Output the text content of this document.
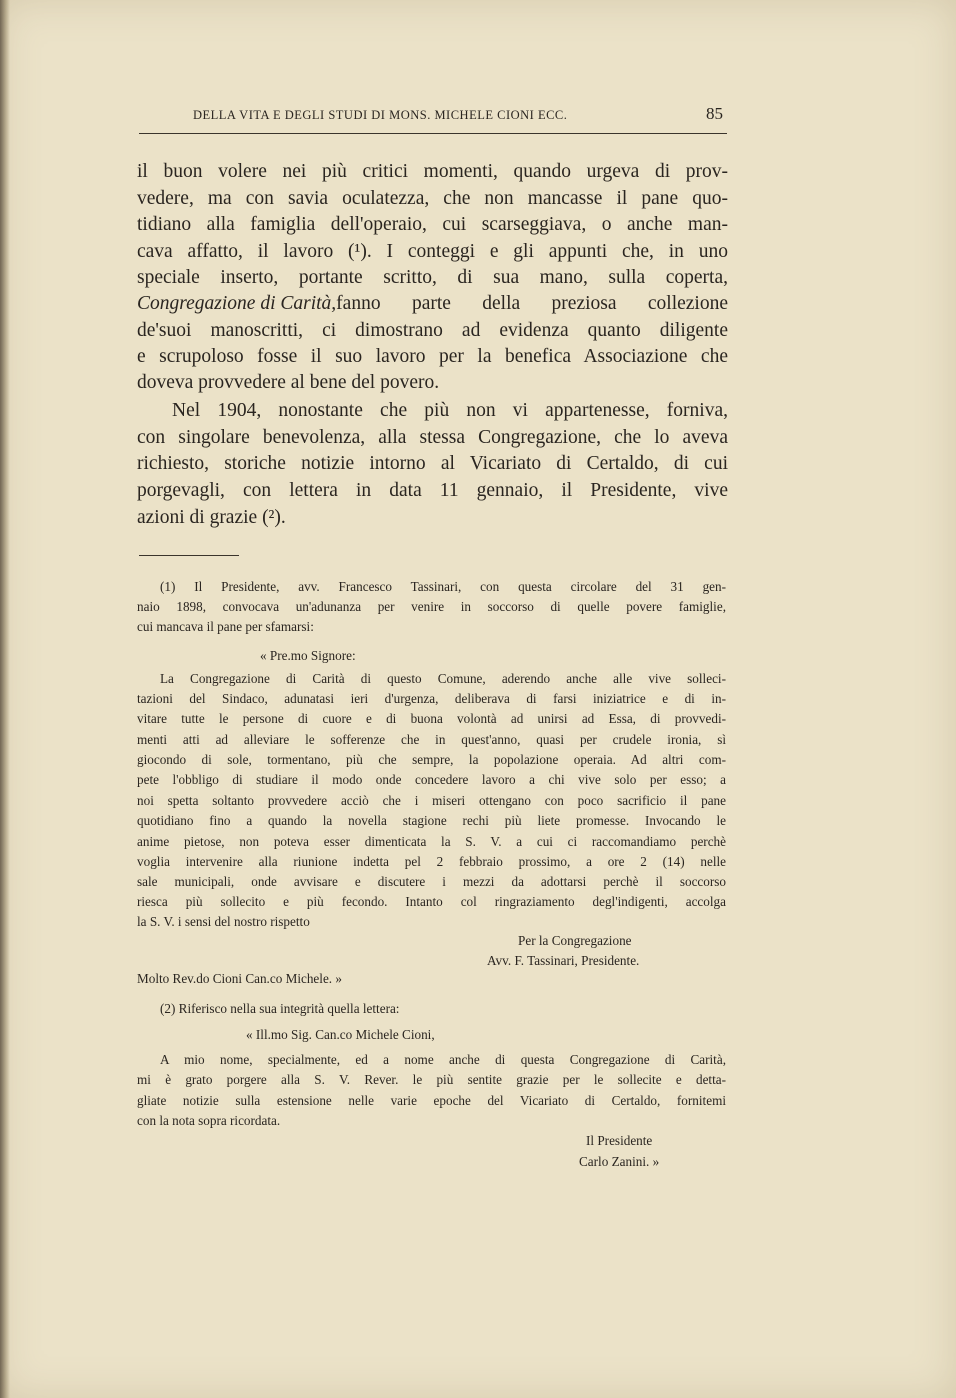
DELLA VITA E DEGLI STUDI DI MONS. MICHELE CIONI ECC.	85
il buon volere nei più critici momenti, quando urgeva di prov-
vedere, ma con savia oculatezza, che non mancasse il pane quo-
tidiano alla famiglia dell'operaio, cui scarseggiava, o anche man-
cava affatto, il lavoro (¹). I conteggi e gli appunti che, in uno
speciale inserto, portante scritto, di sua mano, sulla coperta,
Congregazione di Carità, fanno parte della preziosa collezione
de'suoi manoscritti, ci dimostrano ad evidenza quanto diligente
e scrupoloso fosse il suo lavoro per la benefica Associazione che
doveva provvedere al bene del povero.
Nel 1904, nonostante che più non vi appartenesse, forniva,
con singolare benevolenza, alla stessa Congregazione, che lo aveva
richiesto, storiche notizie intorno al Vicariato di Certaldo, di cui
porgevagli, con lettera in data 11 gennaio, il Presidente, vive
azioni di grazie (²).
(1) Il Presidente, avv. Francesco Tassinari, con questa circolare del 31 gen-
naio 1898, convocava un'adunanza per venire in soccorso di quelle povere famiglie,
cui mancava il pane per sfamarsi:
« Pre.mo Signore:
La Congregazione di Carità di questo Comune, aderendo anche alle vive solleci-
tazioni del Sindaco, adunatasi ieri d'urgenza, deliberava di farsi iniziatrice e di in-
vitare tutte le persone di cuore e di buona volontà ad unirsi ad Essa, di provvedi-
menti atti ad alleviare le sofferenze che in quest'anno, quasi per crudele ironia, sì
giocondo di sole, tormentano, più che sempre, la popolazione operaia. Ad altri com-
pete l'obbligo di studiare il modo onde concedere lavoro a chi vive solo per esso; a
noi spetta soltanto provvedere acciò che i miseri ottengano con poco sacrificio il pane
quotidiano fino a quando la novella stagione rechi più liete promesse. Invocando le
anime pietose, non poteva esser dimenticata la S. V. a cui ci raccomandiamo perchè
voglia intervenire alla riunione indetta pel 2 febbraio prossimo, a ore 2 (14) nelle
sale municipali, onde avvisare e discutere i mezzi da adottarsi perchè il soccorso
riesca più sollecito e più fecondo. Intanto col ringraziamento degl'indigenti, accolga
la S. V. i sensi del nostro rispetto
Per la Congregazione
Avv. F. Tassinari, Presidente.
Molto Rev.do Cioni Can.co Michele. »
(2) Riferisco nella sua integrità quella lettera:
« Ill.mo Sig. Can.co Michele Cioni,
A mio nome, specialmente, ed a nome anche di questa Congregazione di Carità,
mi è grato porgere alla S. V. Rever. le più sentite grazie per le sollecite e detta-
gliate notizie sulla estensione nelle varie epoche del Vicariato di Certaldo, fornitemi
con la nota sopra ricordata.
Il Presidente
Carlo Zanini. »
